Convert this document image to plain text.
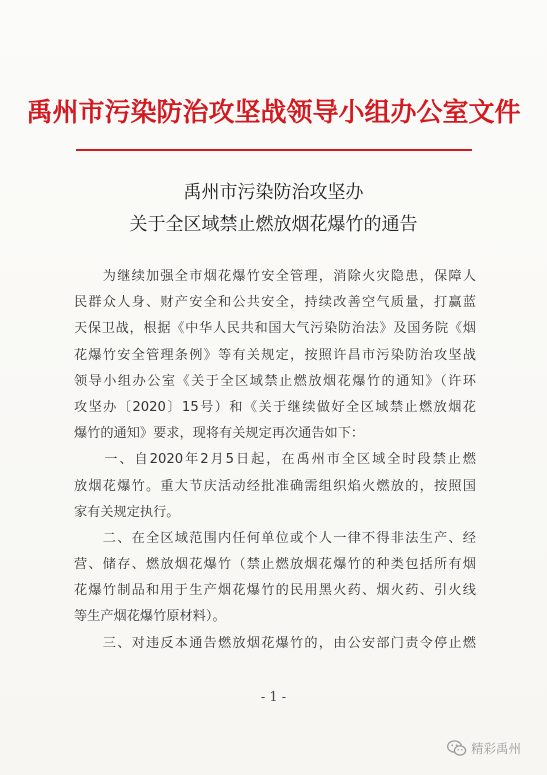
禹州市污染防治攻坚战领导小组办公室文件
禹州市污染防治攻坚办
关于全区域禁止燃放烟花爆竹的通告
　　为继续加强全市烟花爆竹安全管理，消除火灾隐患，保障人
民群众人身、财产安全和公共安全，持续改善空气质量，打赢蓝
天保卫战，根据《中华人民共和国大气污染防治法》及国务院《烟
花爆竹安全管理条例》等有关规定，按照许昌市污染防治攻坚战
领导小组办公室《关于全区域禁止燃放烟花爆竹的通知》（许环
攻坚办〔2020〕15号）和《关于继续做好全区域禁止燃放烟花
爆竹的通知》要求，现将有关规定再次通告如下：
　　一、自2020年2月5日起，在禹州市全区域全时段禁止燃
放烟花爆竹。重大节庆活动经批准确需组织焰火燃放的，按照国
家有关规定执行。
　　二、在全区域范围内任何单位或个人一律不得非法生产、经
营、储存、燃放烟花爆竹（禁止燃放烟花爆竹的种类包括所有烟
花爆竹制品和用于生产烟花爆竹的民用黑火药、烟火药、引火线
等生产烟花爆竹原材料）。
　　三、对违反本通告燃放烟花爆竹的，由公安部门责令停止燃
- 1 -
精彩禹州
